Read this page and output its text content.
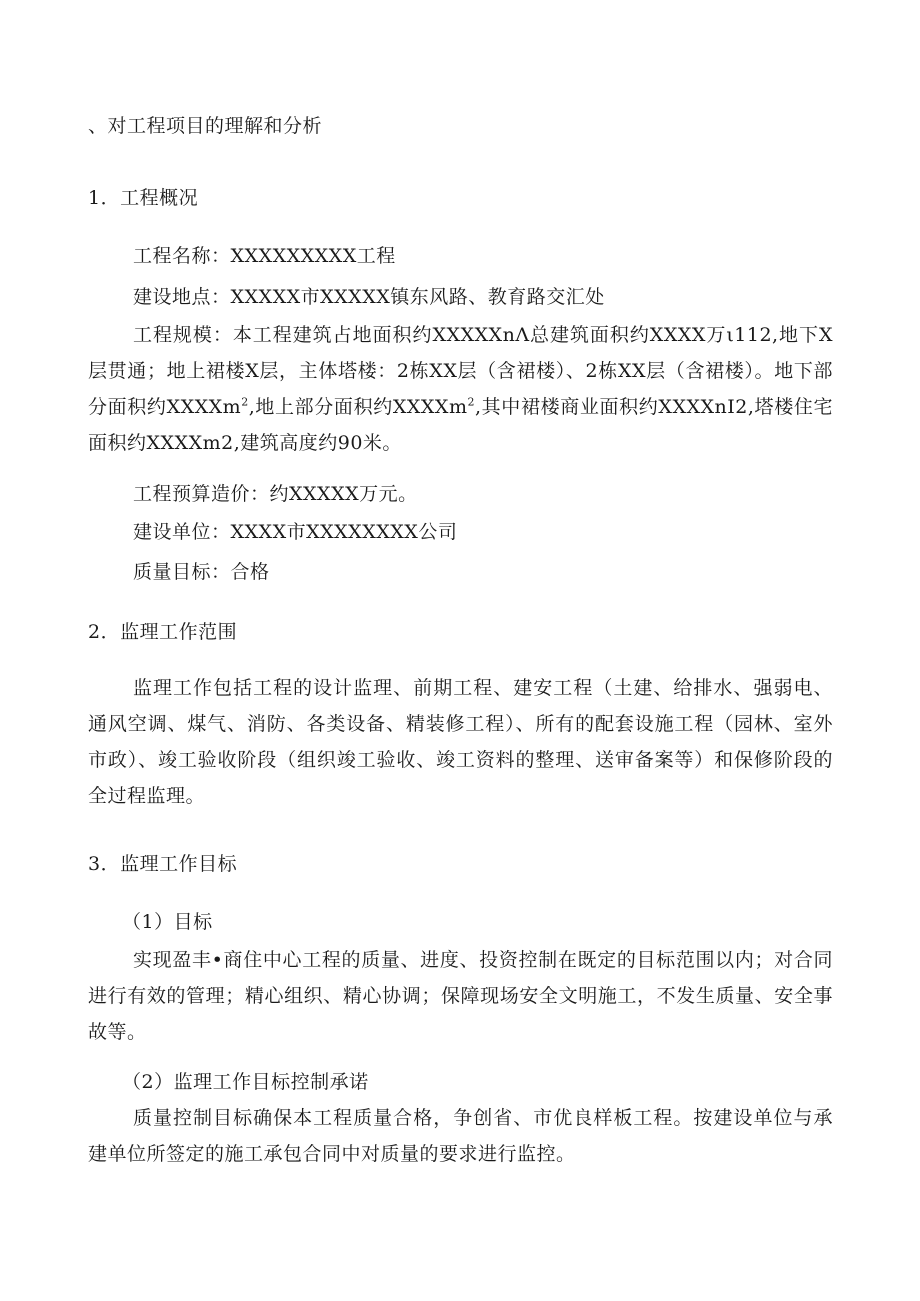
、对工程项目的理解和分析
1．工程概况
工程名称：XXXXXXXXX工程
建设地点：XXXXX市XXXXX镇东风路、教育路交汇处

工程规模：本工程建筑占地面积约XXXXXnΛ总建筑面积约XXXX万ι112,地下X层贯通；地上裙楼X层，主体塔楼：2栋XX层（含裙楼）、2栋XX层（含裙楼）。地下部分面积约XXXXm$^2$,地上部分面积约XXXXm$^2$,其中裙楼商业面积约XXXXnI2,塔楼住宅面积约XXXXm2,建筑高度约90米。

工程预算造价：约XXXXX万元。
建设单位：XXXX市XXXXXXXX公司
质量目标：合格
2．监理工作范围

监理工作包括工程的设计监理、前期工程、建安工程（土建、给排水、强弱电、通风空调、煤气、消防、各类设备、精装修工程）、所有的配套设施工程（园林、室外市政）、竣工验收阶段（组织竣工验收、竣工资料的整理、送审备案等）和保修阶段的全过程监理。

3．监理工作目标
（1）目标

实现盈丰•商住中心工程的质量、进度、投资控制在既定的目标范围以内；对合同进行有效的管理；精心组织、精心协调；保障现场安全文明施工，不发生质量、安全事故等。

（2）监理工作目标控制承诺

质量控制目标确保本工程质量合格，争创省、市优良样板工程。按建设单位与承建单位所签定的施工承包合同中对质量的要求进行监控。
